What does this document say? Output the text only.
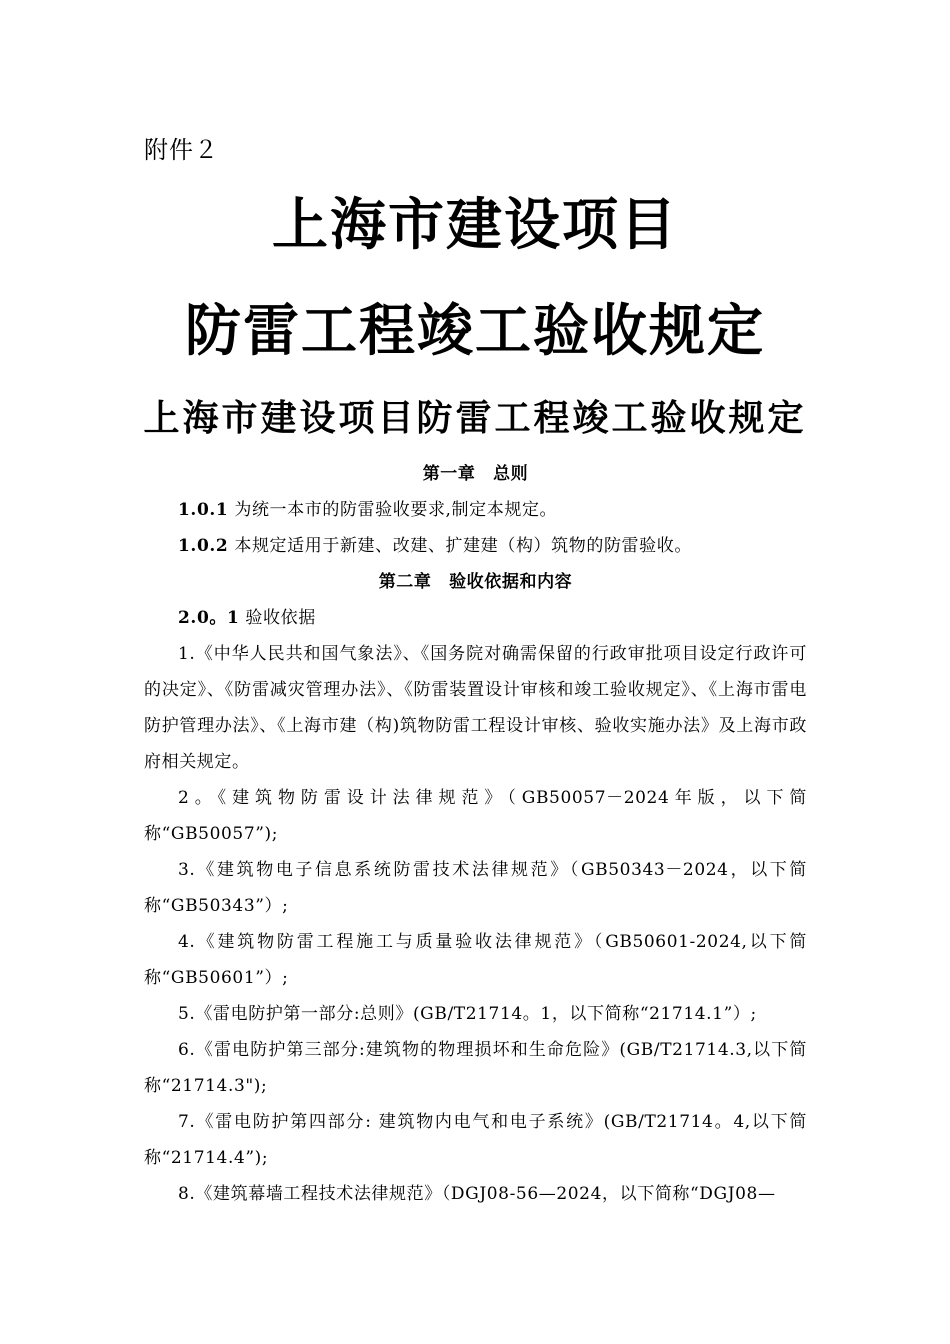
附件２
上海市建设项目
防雷工程竣工验收规定
上海市建设项目防雷工程竣工验收规定

第一章　总则

1.0.1 为统一本市的防雷验收要求,制定本规定。

1.0.2 本规定适用于新建、改建、扩建建（构）筑物的防雷验收。

第二章　验收依据和内容

2.0。1 验收依据

1.《中华人民共和国气象法》、《国务院对确需保留的行政审批项目设定行政许可的决定》、《防雷减灾管理办法》、《防雷装置设计审核和竣工验收规定》、《上海市雷电防护管理办法》、《上海市建（构)筑物防雷工程设计审核、验收实施办法》及上海市政府相关规定。

2。《建筑物防雷设计法律规范》（GB50057－2024年版，以下简称“GB50057”);

3.《建筑物电子信息系统防雷技术法律规范》（GB50343－2024，以下简称“GB50343”）;

4.《建筑物防雷工程施工与质量验收法律规范》（GB50601-2024,以下简称“GB50601”）;

5.《雷电防护第一部分:总则》(GB/T21714。1，以下简称“21714.1”）;

6.《雷电防护第三部分:建筑物的物理损坏和生命危险》(GB/T21714.3,以下简称“21714.3");

7.《雷电防护第四部分: 建筑物内电气和电子系统》(GB/T21714。4,以下简称“21714.4”);

8.《建筑幕墙工程技术法律规范》（DGJ08-56—2024，以下简称“DGJ08—
